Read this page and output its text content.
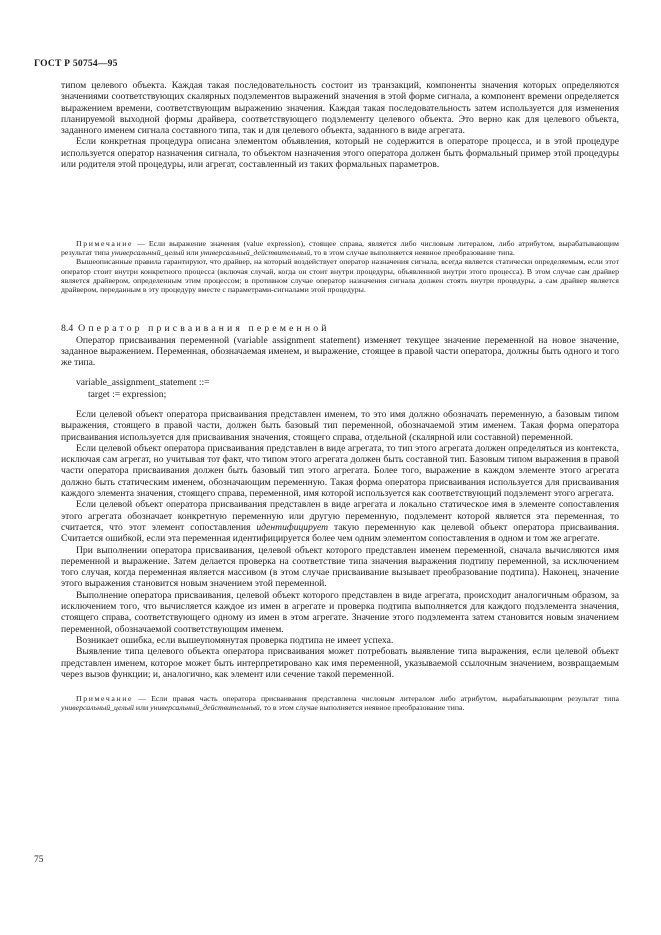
ГОСТ Р 50754—95

типом целевого объекта. Каждая такая последовательность состоит из транзакций, компоненты значения которых определяются значениями соответствующих скалярных подэлементов выражений значения в этой форме сигнала, а компонент времени определяется выражением времени, соответствующим выражению значения. Каждая такая последовательность затем используется для изменения планируемой выходной формы драйвера, соответствующего подэлементу целевого объекта. Это верно как для целевого объекта, заданного именем сигнала составного типа, так и для целевого объекта, заданного в виде агрегата.

Если конкретная процедура описана элементом объявления, который не содержится в операторе процесса, и в этой процедуре используется оператор назначения сигнала, то объектом назначения этого оператора должен быть формальный пример этой процедуры или родителя этой процедуры, или агрегат, составленный из таких формальных параметров.

Примечание — Если выражение значения (value expression), стоящее справа, является либо числовым литералом, либо атрибутом, вырабатывающим результат типа универсальный_целый или универсальный_действительный, то в этом случае выполняется неявное преобразование типа.

Вышеописанные правила гарантируют, что драйвер, на который воздействует оператор назначения сигнала, всегда является статически определяемым, если этот оператор стоит внутри конкретного процесса (включая случай, когда он стоит внутри процедуры, объявленной внутри этого процесса). В этом случае сам драйвер является драйвером, определенным этим процессом; в противном случае оператор назначения сигнала должен стоять внутри процедуры, а сам драйвер является драйвером, переданным в эту процедуру вместе с параметрами-сигналами этой процедуры.

8.4 Оператор присваивания переменной

Оператор присваивания переменной (variable assignment statement) изменяет текущее значение переменной на новое значение, заданное выражением. Переменная, обозначаемая именем, и выражение, стоящее в правой части оператора, должны быть одного и того же типа.

variable_assignment_statement ::=

target := expression;

Если целевой объект оператора присваивания представлен именем, то это имя должно обозначать переменную, а базовым типом выражения, стоящего в правой части, должен быть базовый тип переменной, обозначаемой этим именем. Такая форма оператора присваивания используется для присваивания значения, стоящего справа, отдельной (скалярной или составной) переменной.

Если целевой объект оператора присваивания представлен в виде агрегата, то тип этого агрегата должен определяться из контекста, исключая сам агрегат, но учитывая тот факт, что типом этого агрегата должен быть составной тип. Базовым типом выражения в правой части оператора присваивания должен быть базовый тип этого агрегата. Более того, выражение в каждом элементе этого агрегата должно быть статическим именем, обозначающим переменную. Такая форма оператора присваивания используется для присваивания каждого элемента значения, стоящего справа, переменной, имя которой используется как соответствующий подэлемент этого агрегата.

Если целевой объект оператора присваивания представлен в виде агрегата и локально статическое имя в элементе сопоставления этого агрегата обозначает конкретную переменную или другую переменную, подэлемент которой является эта переменная, то считается, что этот элемент сопоставления идентифицирует такую переменную как целевой объект оператора присваивания. Считается ошибкой, если эта переменная идентифицируется более чем одним элементом сопоставления в одном и том же агрегате.

При выполнении оператора присваивания, целевой объект которого представлен именем переменной, сначала вычисляются имя переменной и выражение. Затем делается проверка на соответствие типа значения выражения подтипу переменной, за исключением того случая, когда переменная является массивом (в этом случае присваивание вызывает преобразование подтипа). Наконец, значение этого выражения становится новым значением этой переменной.

Выполнение оператора присваивания, целевой объект которого представлен в виде агрегата, происходит аналогичным образом, за исключением того, что вычисляется каждое из имен в агрегате и проверка подтипа выполняется для каждого подэлемента значения, стоящего справа, соответствующего одному из имен в этом агрегате. Значение этого подэлемента затем становится новым значением переменной, обозначаемой соответствующим именем.

Возникает ошибка, если вышеупомянутая проверка подтипа не имеет успеха.

Выявление типа целевого объекта оператора присваивания может потребовать выявление типа выражения, если целевой объект представлен именем, которое может быть интерпретировано как имя переменной, указываемой ссылочным значением, возвращаемым через вызов функции; и, аналогично, как элемент или сечение такой переменной.

Примечание — Если правая часть оператора присваивания представлена числовым литералом либо атрибутом, вырабатывающим результат типа универсальный_целый или универсальный_действительный, то в этом случае выполняется неявное преобразование типа.

75
